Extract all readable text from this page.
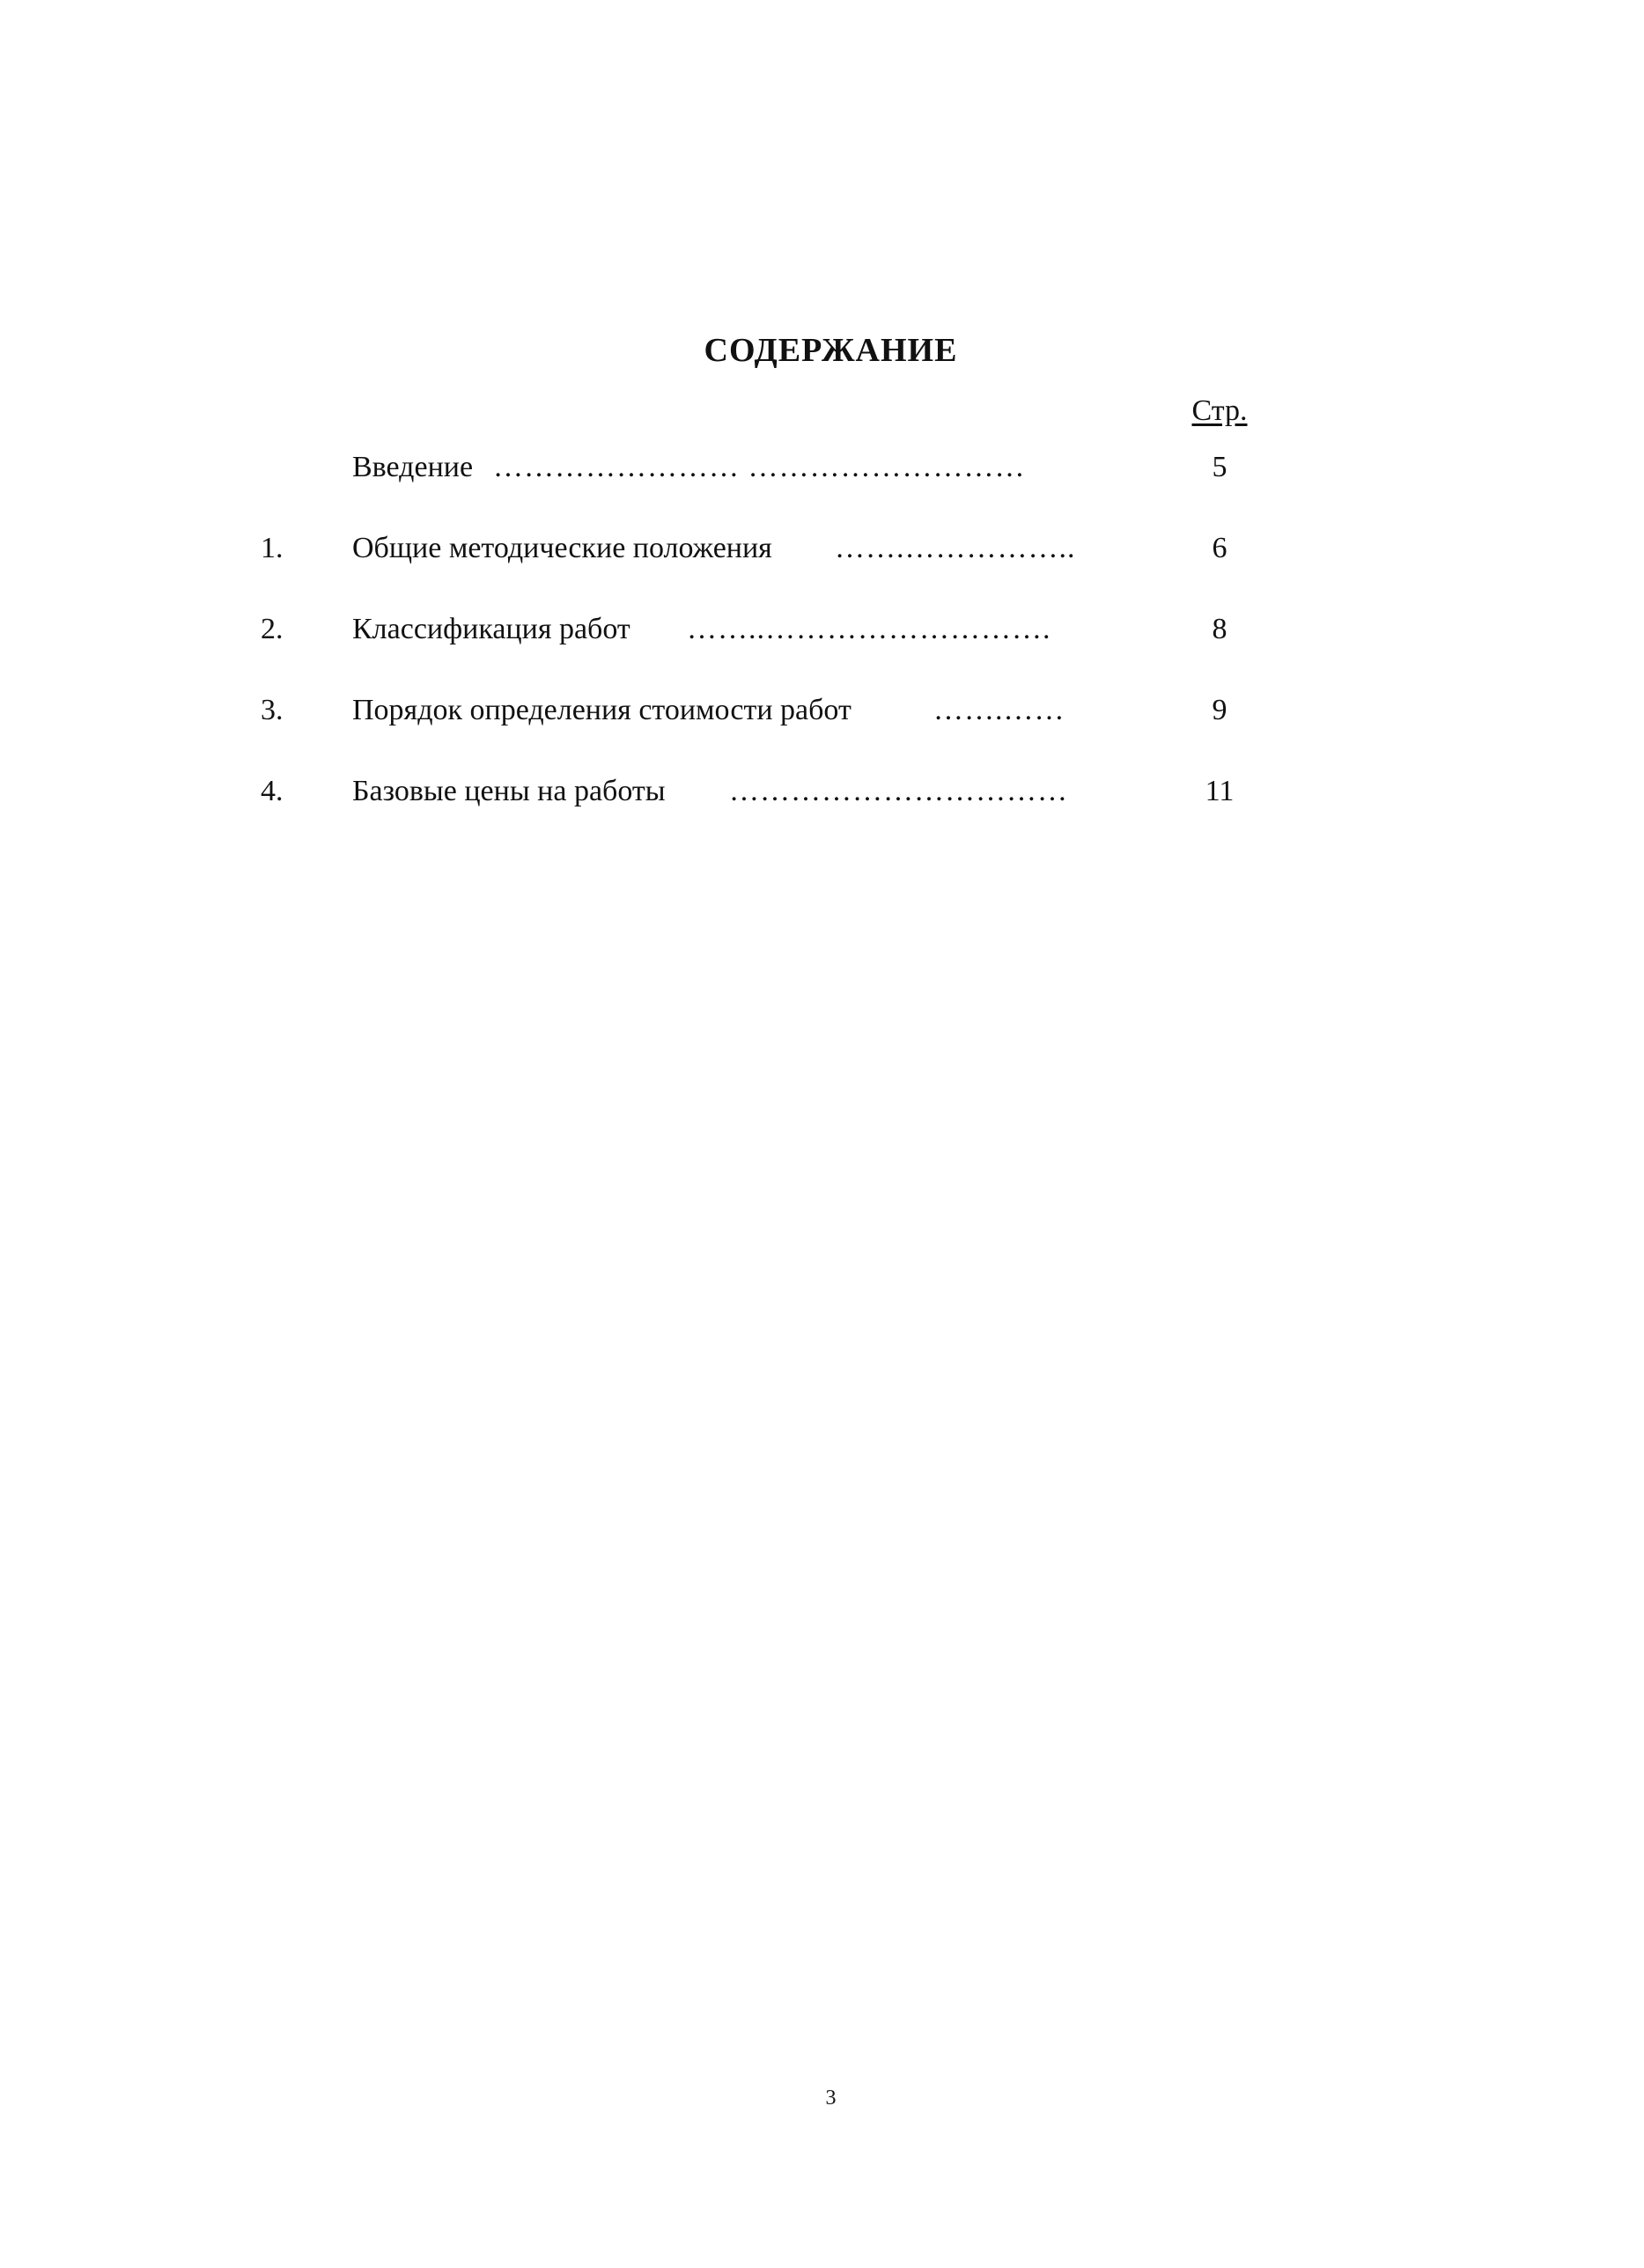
СОДЕРЖАНИЕ
Стр.
Введение …………………… ………………………	5
1. Общие методические положения …….……………..	6
2. Классификация работ ……..……………………….	8
3. Порядок определения стоимости работ	…….……	9
4. Базовые цены на работы ……………………………	11
3
